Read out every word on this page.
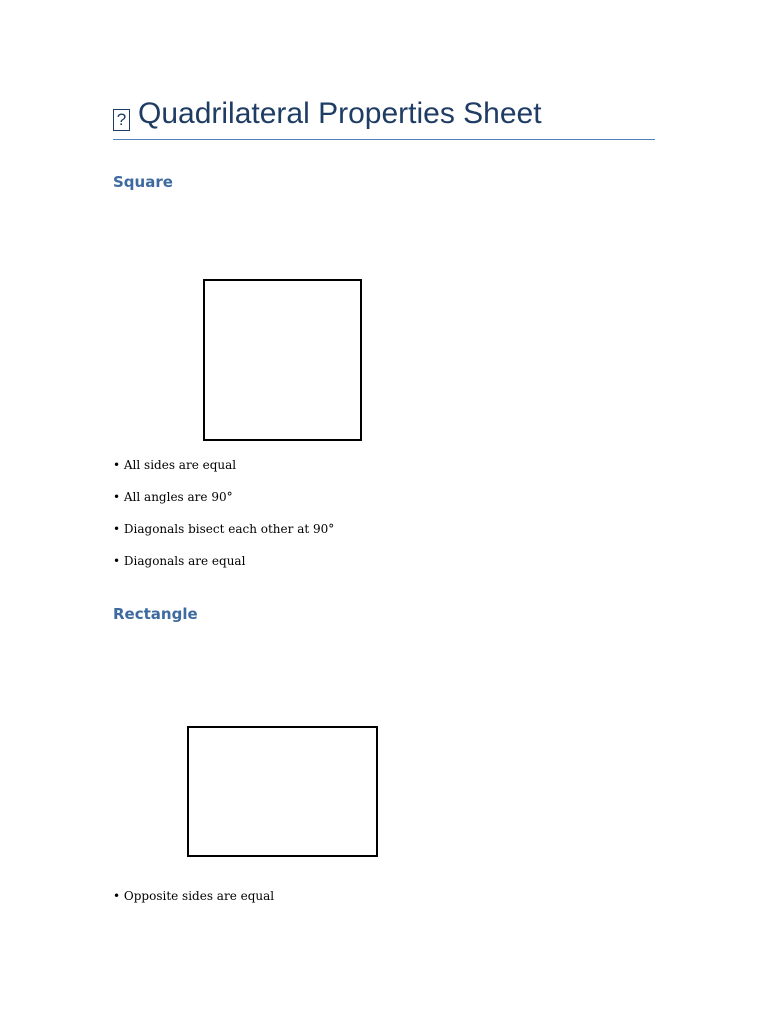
? Quadrilateral Properties Sheet
Square

• All sides are equal

• All angles are 90°

• Diagonals bisect each other at 90°

• Diagonals are equal

Rectangle

• Opposite sides are equal
